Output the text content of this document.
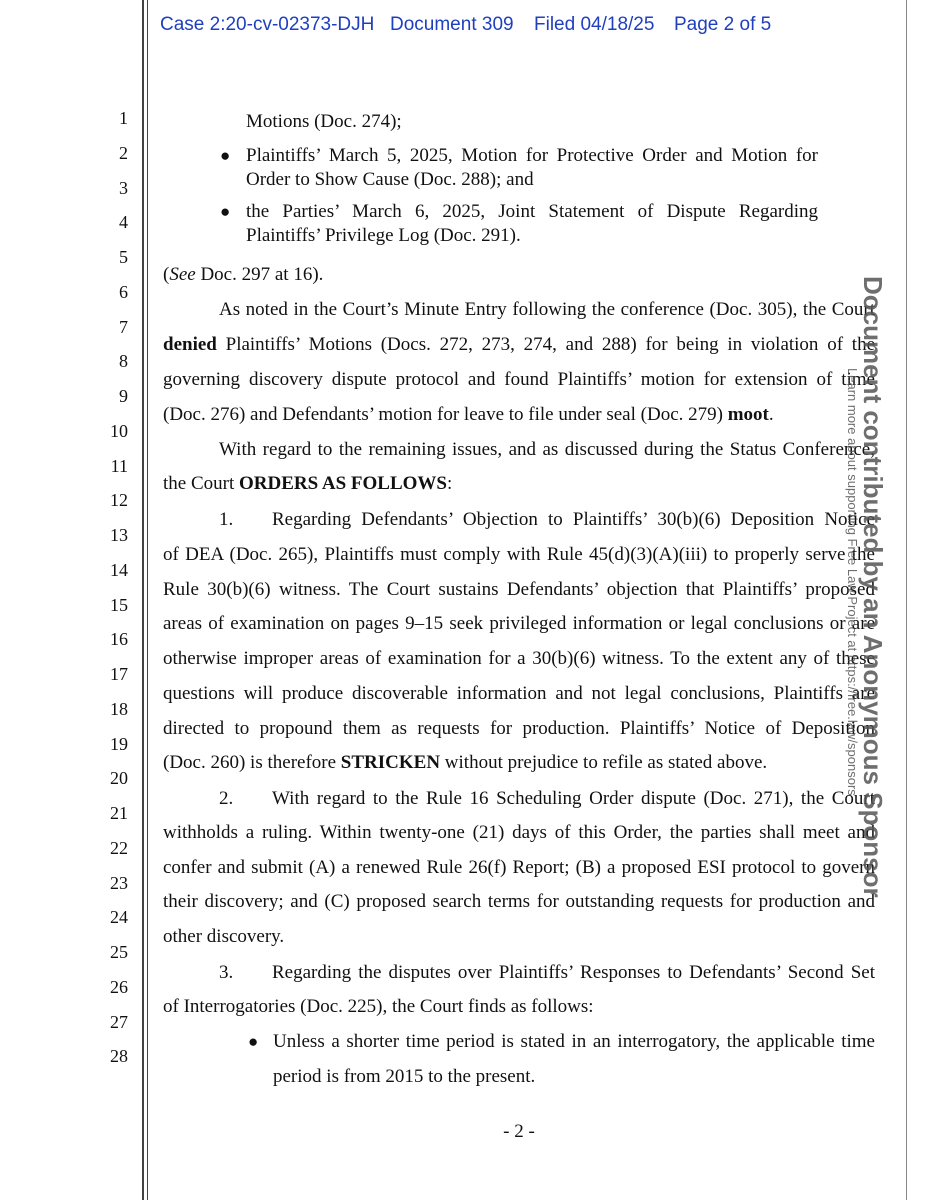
Case 2:20-cv-02373-DJH Document 309 Filed 04/18/25 Page 2 of 5
1
2
3
4
5
6
7
8
9
10
11
12
13
14
15
16
17
18
19
20
21
22
23
24
25
26
27
28
Motions (Doc. 274);
● Plaintiffs’ March 5, 2025, Motion for Protective Order and Motion for
Order to Show Cause (Doc. 288); and
● the Parties’ March 6, 2025, Joint Statement of Dispute Regarding
Plaintiffs’ Privilege Log (Doc. 291).
(See Doc. 297 at 16).
As noted in the Court’s Minute Entry following the conference (Doc. 305), the Court
denied Plaintiffs’ Motions (Docs. 272, 273, 274, and 288) for being in violation of the
governing discovery dispute protocol and found Plaintiffs’ motion for extension of time
(Doc. 276) and Defendants’ motion for leave to file under seal (Doc. 279) moot.
With regard to the remaining issues, and as discussed during the Status Conference,
the Court ORDERS AS FOLLOWS:
1.	Regarding Defendants’ Objection to Plaintiffs’ 30(b)(6) Deposition Notice
of DEA (Doc. 265), Plaintiffs must comply with Rule 45(d)(3)(A)(iii) to properly serve the
Rule 30(b)(6) witness. The Court sustains Defendants’ objection that Plaintiffs’ proposed
areas of examination on pages 9–15 seek privileged information or legal conclusions or are
otherwise improper areas of examination for a 30(b)(6) witness. To the extent any of these
questions will produce discoverable information and not legal conclusions, Plaintiffs are
directed to propound them as requests for production. Plaintiffs’ Notice of Deposition
(Doc. 260) is therefore STRICKEN without prejudice to refile as stated above.
2.	With regard to the Rule 16 Scheduling Order dispute (Doc. 271), the Court
withholds a ruling. Within twenty-one (21) days of this Order, the parties shall meet and
confer and submit (A) a renewed Rule 26(f) Report; (B) a proposed ESI protocol to govern
their discovery; and (C) proposed search terms for outstanding requests for production and
other discovery.
3.	Regarding the disputes over Plaintiffs’ Responses to Defendants’ Second Set
of Interrogatories (Doc. 225), the Court finds as follows:
● Unless a shorter time period is stated in an interrogatory, the applicable time
period is from 2015 to the present.
- 2 -
Document contributed by an Anonymous Sponsor
Learn more about supporting Free Law Project at https://free.law/sponsors
